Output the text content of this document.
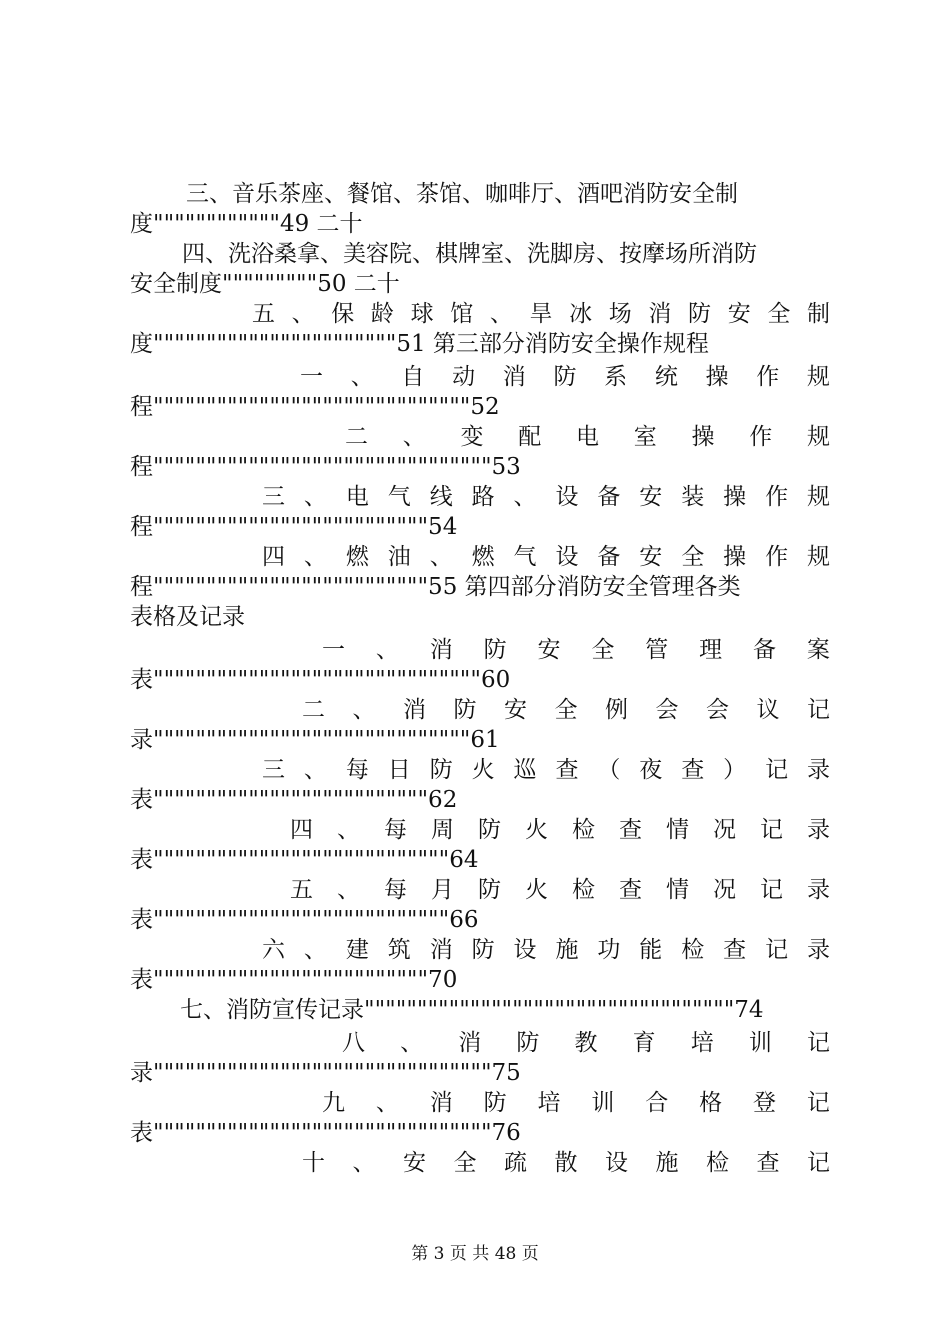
三、音乐茶座、餐馆、茶馆、咖啡厅、酒吧消防安全制
度""""""""""""49 二十
四、洗浴桑拿、美容院、棋牌室、洗脚房、按摩场所消防
安全制度"""""""""50 二十
五 、 保 龄 球 馆 、 旱 冰 场 消 防 安 全 制
度"""""""""""""""""""""""51 第三部分消防安全操作规程
一 、 自 动 消 防 系 统 操 作 规
程""""""""""""""""""""""""""""""52
二 、 变 配 电 室 操 作 规
程""""""""""""""""""""""""""""""""53
三 、 电 气 线 路 、 设 备 安 装 操 作 规
程""""""""""""""""""""""""""54
四 、 燃 油 、 燃 气 设 备 安 全 操 作 规
程""""""""""""""""""""""""""55 第四部分消防安全管理各类
表格及记录
一 、 消 防 安 全 管 理 备 案
表"""""""""""""""""""""""""""""""60
二 、 消 防 安 全 例 会 会 议 记
录""""""""""""""""""""""""""""""61
三 、 每 日 防 火 巡 查 （ 夜 查 ） 记 录
表""""""""""""""""""""""""""62
四 、 每 周 防 火 检 查 情 况 记 录
表""""""""""""""""""""""""""""64
五 、 每 月 防 火 检 查 情 况 记 录
表""""""""""""""""""""""""""""66
六 、 建 筑 消 防 设 施 功 能 检 查 记 录
表""""""""""""""""""""""""""70
七、消防宣传记录"""""""""""""""""""""""""""""""""""74
八 、 消 防 教 育 培 训 记
录""""""""""""""""""""""""""""""""75
九 、 消 防 培 训 合 格 登 记
表""""""""""""""""""""""""""""""""76
十 、 安 全 疏 散 设 施 检 查 记
第 3 页 共 48 页
